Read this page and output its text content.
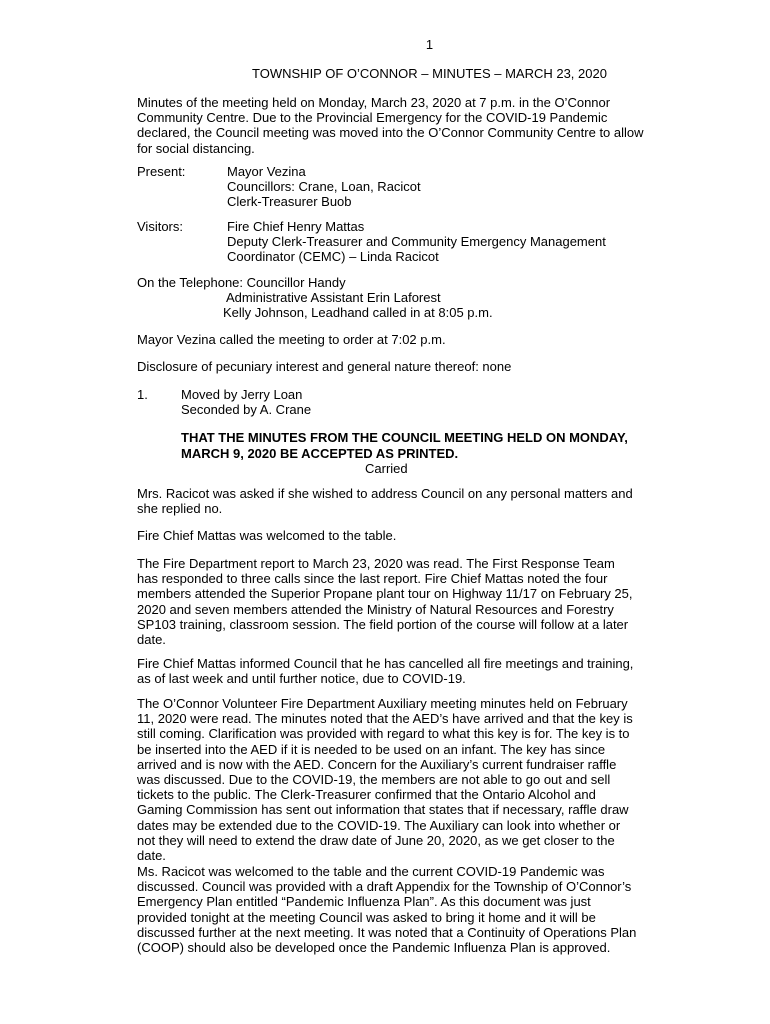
1
TOWNSHIP OF O’CONNOR – MINUTES – MARCH 23, 2020
Minutes of the meeting held on Monday, March 23, 2020 at 7 p.m. in the O’Connor
Community Centre. Due to the Provincial Emergency for the COVID-19 Pandemic
declared, the Council meeting was moved into the O’Connor Community Centre to allow
for social distancing.
Present:	Mayor Vezina
Councillors: Crane, Loan, Racicot
Clerk-Treasurer Buob
Visitors:	Fire Chief Henry Mattas
Deputy Clerk-Treasurer and Community Emergency Management
Coordinator (CEMC) – Linda Racicot
On the Telephone: Councillor Handy
Administrative Assistant Erin Laforest
Kelly Johnson, Leadhand called in at 8:05 p.m.
Mayor Vezina called the meeting to order at 7:02 p.m.
Disclosure of pecuniary interest and general nature thereof: none
1.	Moved by Jerry Loan
Seconded by A. Crane
THAT THE MINUTES FROM THE COUNCIL MEETING HELD ON MONDAY,
MARCH 9, 2020 BE ACCEPTED AS PRINTED.
Carried
Mrs. Racicot was asked if she wished to address Council on any personal matters and
she replied no.
Fire Chief Mattas was welcomed to the table.
The Fire Department report to March 23, 2020 was read. The First Response Team
has responded to three calls since the last report. Fire Chief Mattas noted the four
members attended the Superior Propane plant tour on Highway 11/17 on February 25,
2020 and seven members attended the Ministry of Natural Resources and Forestry
SP103 training, classroom session. The field portion of the course will follow at a later
date.
Fire Chief Mattas informed Council that he has cancelled all fire meetings and training,
as of last week and until further notice, due to COVID-19.
The O’Connor Volunteer Fire Department Auxiliary meeting minutes held on February
11, 2020 were read. The minutes noted that the AED’s have arrived and that the key is
still coming. Clarification was provided with regard to what this key is for. The key is to
be inserted into the AED if it is needed to be used on an infant. The key has since
arrived and is now with the AED. Concern for the Auxiliary’s current fundraiser raffle
was discussed. Due to the COVID-19, the members are not able to go out and sell
tickets to the public. The Clerk-Treasurer confirmed that the Ontario Alcohol and
Gaming Commission has sent out information that states that if necessary, raffle draw
dates may be extended due to the COVID-19. The Auxiliary can look into whether or
not they will need to extend the draw date of June 20, 2020, as we get closer to the
date.
Ms. Racicot was welcomed to the table and the current COVID-19 Pandemic was
discussed. Council was provided with a draft Appendix for the Township of O’Connor’s
Emergency Plan entitled “Pandemic Influenza Plan”. As this document was just
provided tonight at the meeting Council was asked to bring it home and it will be
discussed further at the next meeting. It was noted that a Continuity of Operations Plan
(COOP) should also be developed once the Pandemic Influenza Plan is approved.
